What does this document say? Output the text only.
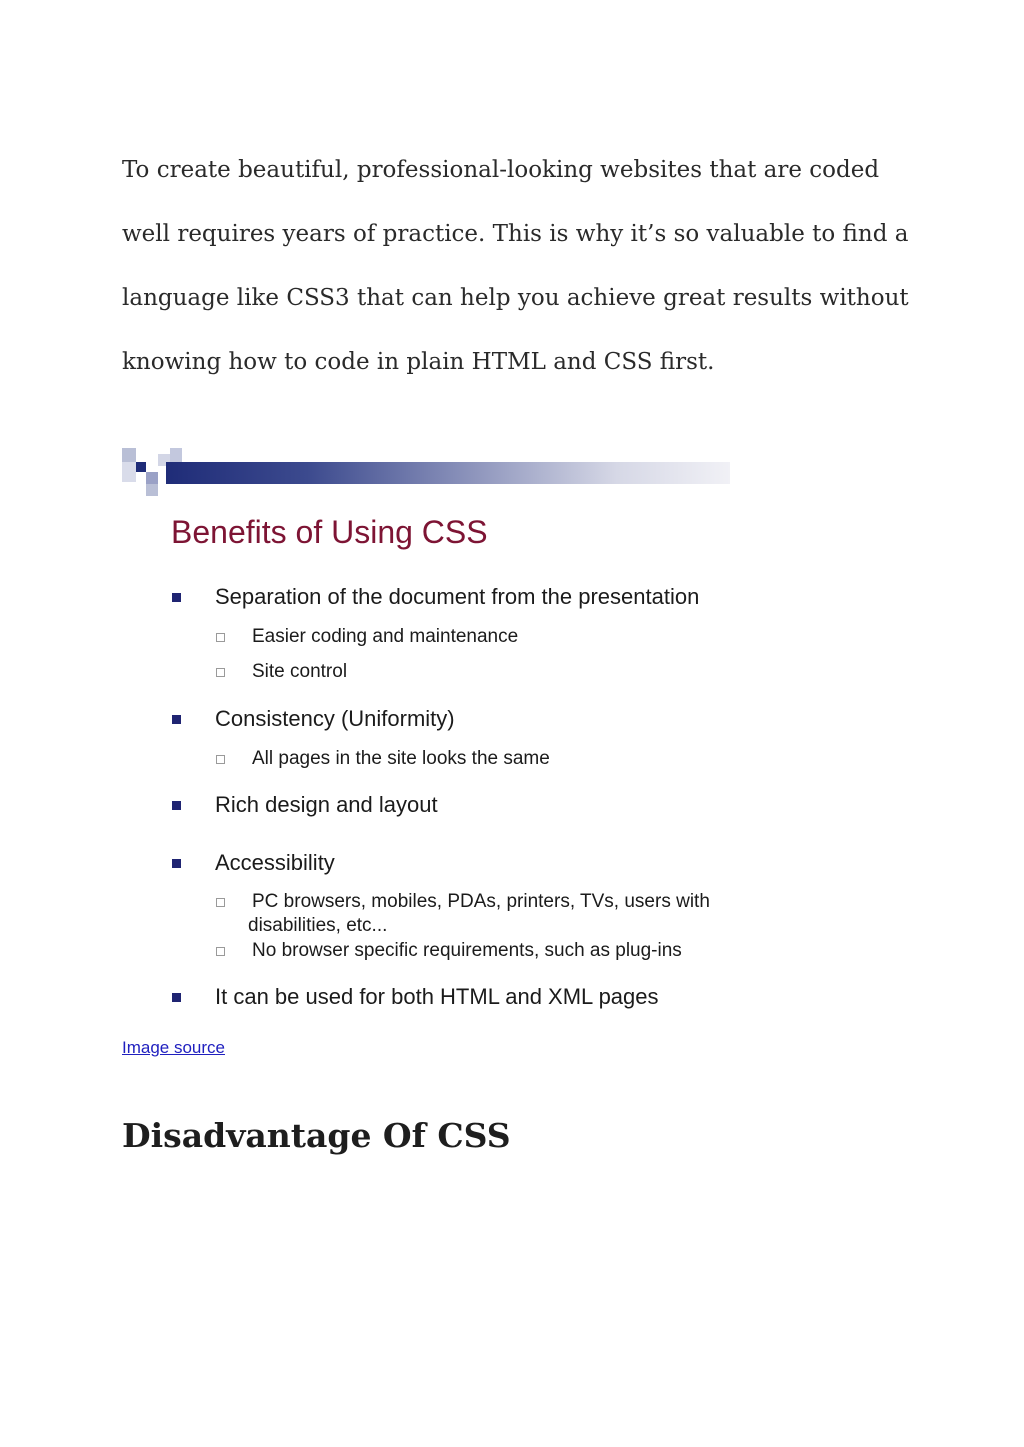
To create beautiful, professional-looking websites that are coded
well requires years of practice. This is why it’s so valuable to find a
language like CSS3 that can help you achieve great results without
knowing how to code in plain HTML and CSS first.
Benefits of Using CSS
Separation of the document from the presentation
Easier coding and maintenance
Site control
Consistency (Uniformity)
All pages in the site looks the same
Rich design and layout
Accessibility
PC browsers, mobiles, PDAs, printers, TVs, users with
disabilities, etc...
No browser specific requirements, such as plug-ins
It can be used for both HTML and XML pages
Image source
Disadvantage Of CSS
